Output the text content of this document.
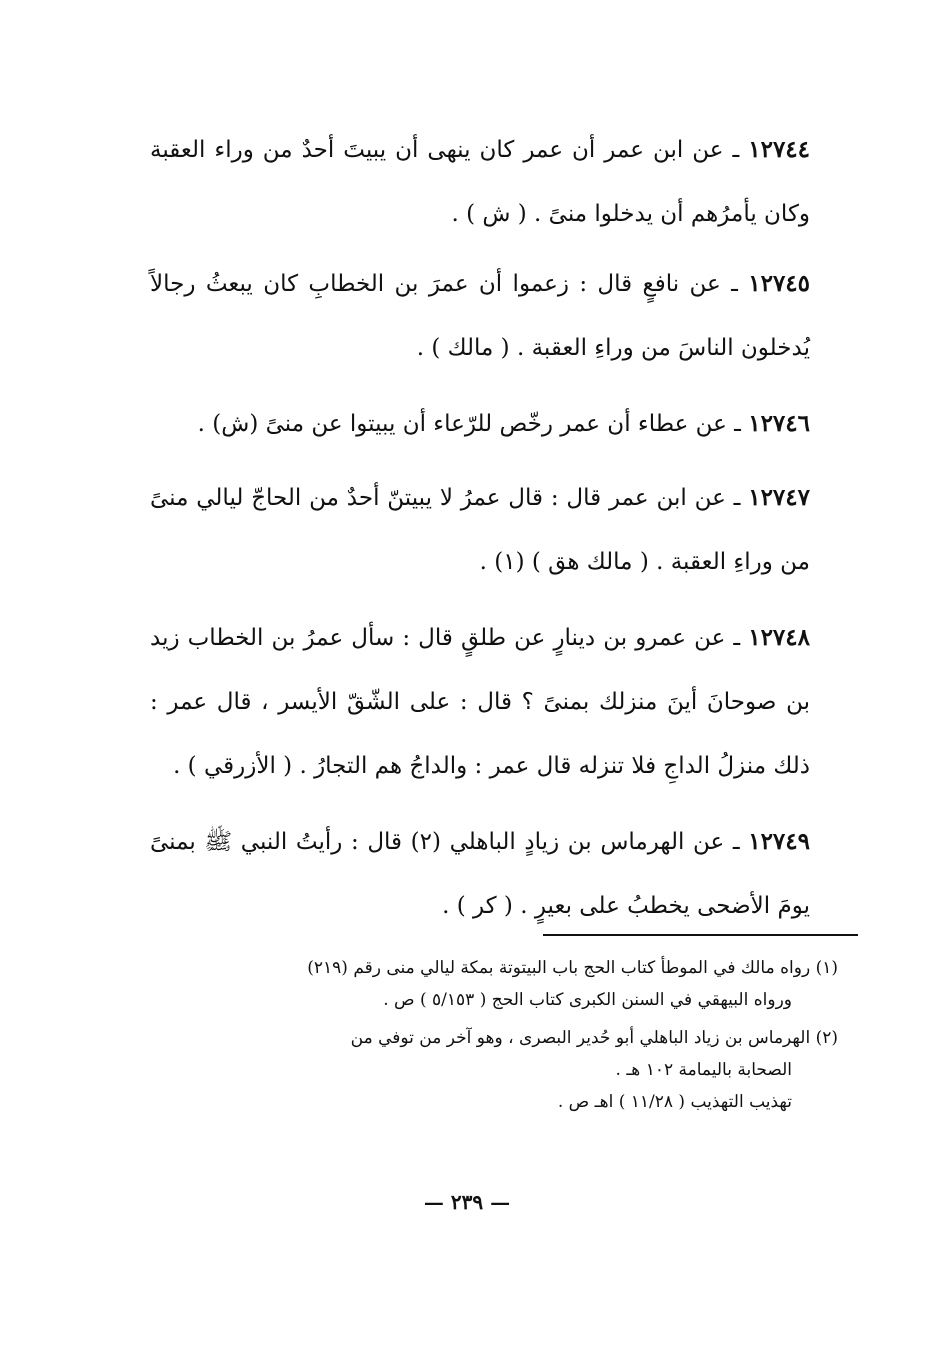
١٢٧٤٤ ـ عن ابن عمر أن عمر كان ينهى أن يبيتَ أحدٌ من وراء العقبة وكان يأمرُهم أن يدخلوا منىً . ( ش ) .

١٢٧٤٥ ـ عن نافعٍ قال : زعموا أن عمرَ بن الخطابِ كان يبعثُ رجالاً يُدخلون الناسَ من وراءِ العقبة . ( مالك ) .

١٢٧٤٦ ـ عن عطاء أن عمر رخّص للرّعاء أن يبيتوا عن منىً (ش) .

١٢٧٤٧ ـ عن ابن عمر قال : قال عمرُ لا يبيتنّ أحدٌ من الحاجّ ليالي منىً من وراءِ العقبة . ( مالك هق ) (١) .

١٢٧٤٨ ـ عن عمرو بن دينارٍ عن طلقٍ قال : سأل عمرُ بن الخطاب زيد بن صوحانَ أينَ منزلك بمنىً ؟ قال : على الشّقّ الأيسر ، قال عمر : ذلك منزلُ الداجِ فلا تنزله قال عمر : والداجُ هم التجارُ . ( الأزرقي ) .

١٢٧٤٩ ـ عن الهرماس بن زيادٍ الباهلي (٢) قال : رأيتُ النبي ﷺ بمنىً يومَ الأضحى يخطبُ على بعيرٍ . ( كر ) .

(١) رواه مالك في الموطأ كتاب الحج باب البيتوتة بمكة ليالي منى رقم (٢١٩)
ورواه البيهقي في السنن الكبرى كتاب الحج ( ٥/١٥٣ ) ص .

(٢) الهرماس بن زياد الباهلي أبو حُدير البصرى ، وهو آخر من توفي من
الصحابة باليمامة ١٠٢ هـ .
تهذيب التهذيب ( ١١/٢٨ ) اهـ ص .

— ٢٣٩ —
